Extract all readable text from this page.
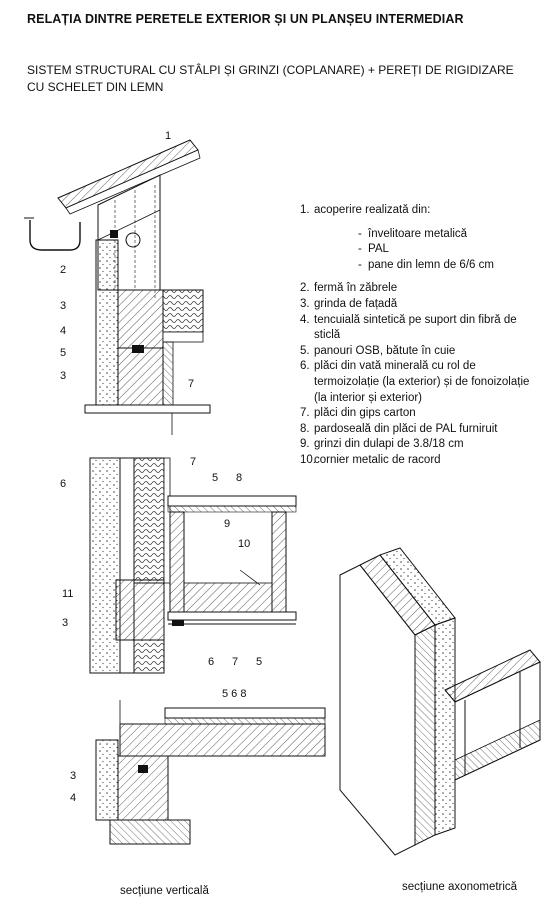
RELAȚIA DINTRE PERETELE EXTERIOR ȘI UN PLANȘEU INTERMEDIAR
SISTEM STRUCTURAL CU STÂLPI ȘI GRINZI (COPLANARE) + PEREȚI DE RIGIDIZARE CU SCHELET DIN LEMN
1
2
3
4
5
3
7
6
7
5 8
9
10
11
3
6 7 5
5 6 8
3
4
1. acoperire realizată din:
- învelitoare metalică
- PAL
- pane din lemn de 6/6 cm
2. fermă în zăbrele
3. grinda de fațadă
4. tencuială sintetică pe suport din fibră de sticlă
5. panouri OSB, bătute în cuie
6. plăci din vată minerală cu rol de termoizolație (la exterior) și de fonoizolație (la interior și exterior)
7. plăci din gips carton
8. pardoseală din plăci de PAL furniruit
9. grinzi din dulapi de 3.8/18 cm
10.
cornier metalic de racord
secțiune verticală	secțiune axonometrică
